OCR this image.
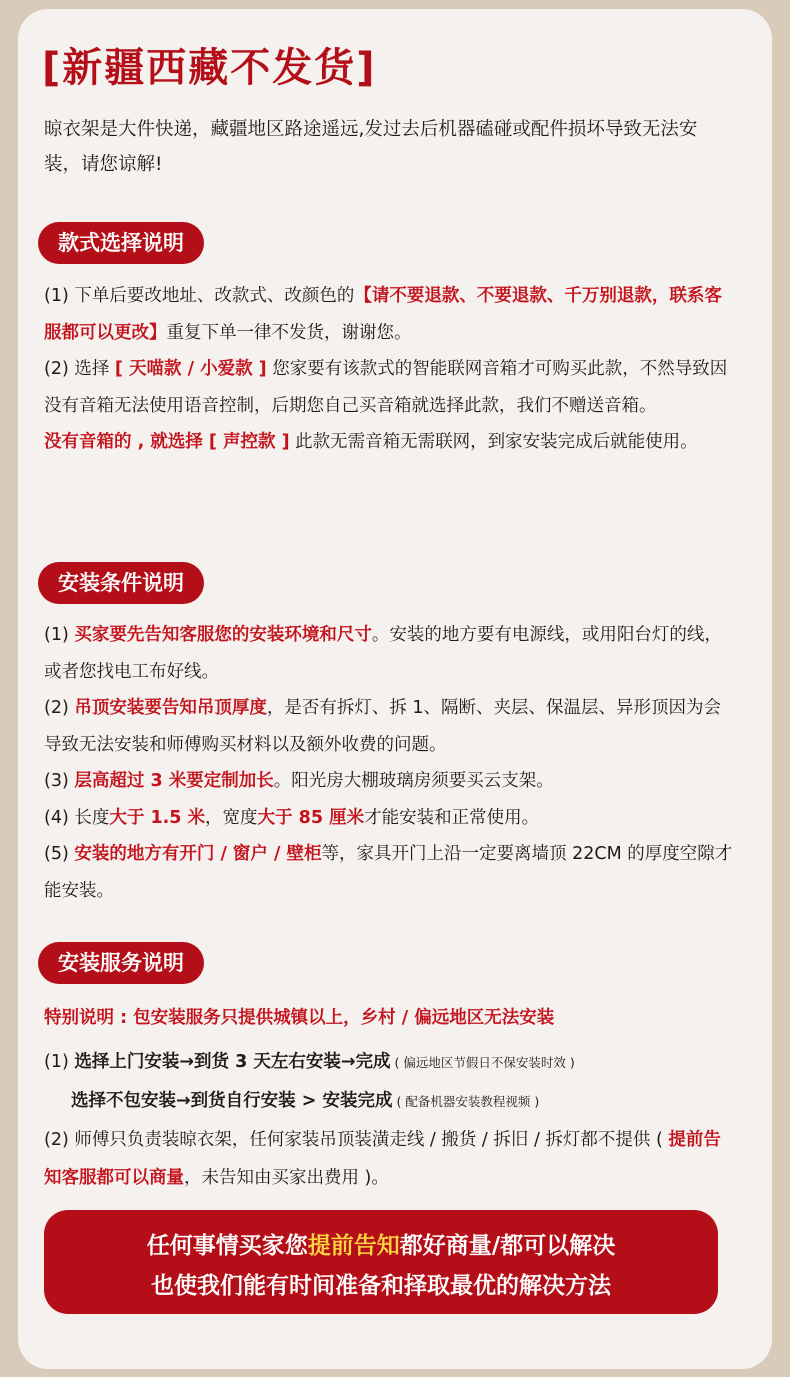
[新疆西藏不发货]
晾衣架是大件快递，藏疆地区路途遥远,发过去后机器磕碰或配件损坏导致无法安装，请您谅解!
款式选择说明

(1) 下单后要改地址、改款式、改颜色的【请不要退款、不要退款、千万别退款，联系客服都可以更改】重复下单一律不发货，谢谢您。

(2) 选择 [ 天喵款 / 小爱款 ] 您家要有该款式的智能联网音箱才可购买此款，不然导致因没有音箱无法使用语音控制，后期您自己买音箱就选择此款，我们不赠送音箱。

没有音箱的 , 就选择 [ 声控款 ] 此款无需音箱无需联网，到家安装完成后就能使用。

安装条件说明

(1) 买家要先告知客服您的安装环境和尺寸。安装的地方要有电源线，或用阳台灯的线，或者您找电工布好线。

(2) 吊顶安装要告知吊顶厚度，是否有拆灯、拆 1、隔断、夹层、保温层、异形顶因为会导致无法安装和师傅购买材料以及额外收费的问题。

(3) 层高超过 3 米要定制加长。阳光房大棚玻璃房须要买云支架。

(4) 长度大于 1.5 米，宽度大于 85 厘米才能安装和正常使用。

(5) 安装的地方有开门 / 窗户 / 壁柜等，家具开门上沿一定要离墙顶 22CM 的厚度空隙才能安装。

安装服务说明

特别说明 : 包安装服务只提供城镇以上，乡村 / 偏远地区无法安装

(1) 选择上门安装→到货 3 天左右安装→完成 ( 偏远地区节假日不保安装时效 )

选择不包安装→到货自行安装 > 安装完成 ( 配备机器安装教程视频 )

(2) 师傅只负责装晾衣架，任何家装吊顶装潢走线 / 搬货 / 拆旧 / 拆灯都不提供 ( 提前告知客服都可以商量，未告知由买家出费用 )。

任何事情买家您提前告知都好商量/都可以解决
也使我们能有时间准备和择取最优的解决方法
